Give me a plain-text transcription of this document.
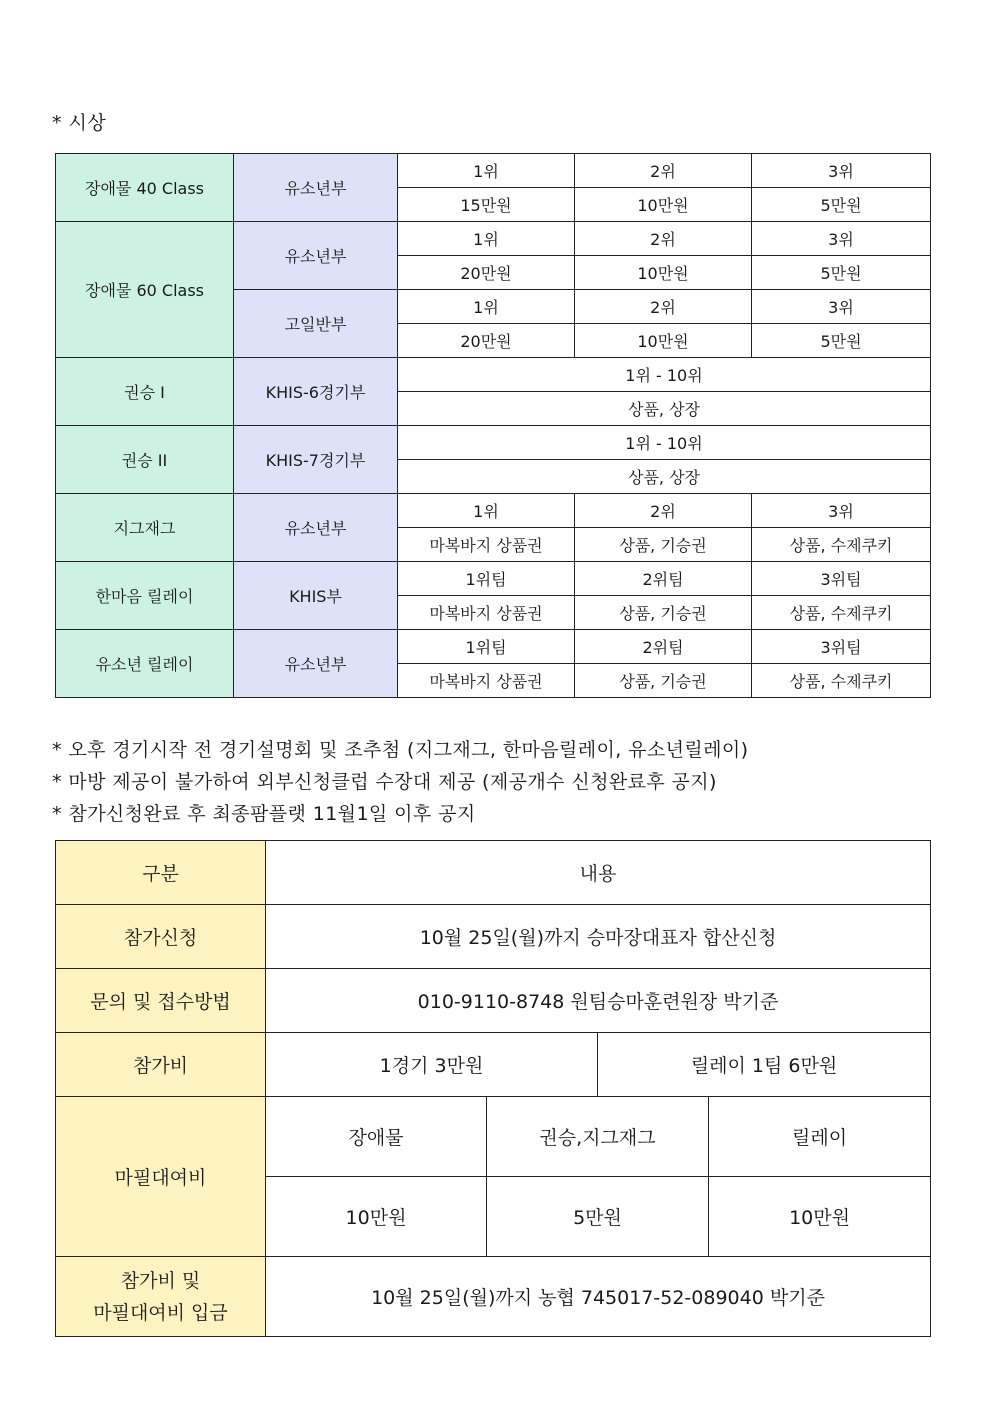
* 시상
장애물 40 Class	유소년부	1위	2위	3위
		15만원	10만원	5만원
장애물 60 Class	유소년부	1위	2위	3위
		20만원	10만원	5만원
	고일반부	1위	2위	3위
		20만원	10만원	5만원
권승 I	KHIS-6경기부	1위 - 10위		
		상품, 상장		
권승 II	KHIS-7경기부	1위 - 10위		
		상품, 상장		
지그재그	유소년부	1위	2위	3위
		마복바지 상품권	상품, 기승권	상품, 수제쿠키
한마음 릴레이	KHIS부	1위팀	2위팀	3위팀
		마복바지 상품권	상품, 기승권	상품, 수제쿠키
유소년 릴레이	유소년부	1위팀	2위팀	3위팀
		마복바지 상품권	상품, 기승권	상품, 수제쿠키
* 오후 경기시작 전 경기설명회 및 조추첨 (지그재그, 한마음릴레이, 유소년릴레이)
* 마방 제공이 불가하여 외부신청클럽 수장대 제공 (제공개수 신청완료후 공지)
* 참가신청완료 후 최종팜플랫 11월1일 이후 공지
구분	내용			
참가신청	10월 25일(월)까지 승마장대표자 합산신청			
문의 및 접수방법	010-9110-8748 원팀승마훈련원장 박기준			
참가비	1경기 3만원		릴레이 1팀 6만원	
마필대여비	장애물	권승,지그재그		릴레이
	10만원	5만원		10만원

참가비 및
마필대여비 입금	10월 25일(월)까지 농협 745017-52-089040 박기준			
